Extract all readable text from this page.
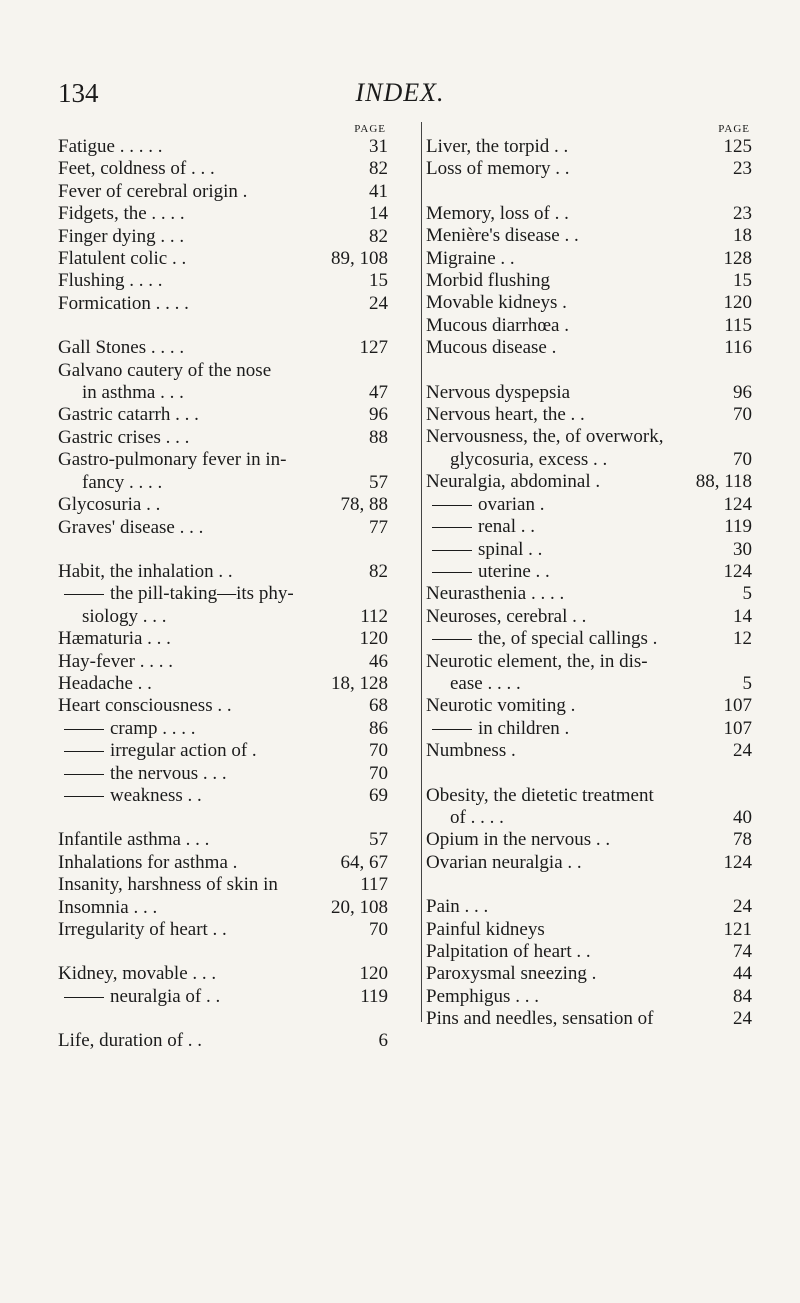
134	INDEX.
PAGE
Fatigue . . . . .	31
Feet, coldness of . . .	82
Fever of cerebral origin .	41
Fidgets, the . . . .	14
Finger dying . . .	82
Flatulent colic . .	89, 108
Flushing . . . .	15
Formication . . . .	24
Gall Stones . . . .	127
Galvano cautery of the nose
in asthma . . .	47
Gastric catarrh . . .	96
Gastric crises . . .	88
Gastro-pulmonary fever in in-
fancy . . . .	57
Glycosuria . .	78, 88
Graves' disease . . .	77
Habit, the inhalation . .	82
the pill-taking—its phy-
siology . . .	112
Hæmaturia . . .	120
Hay-fever . . . .	46
Headache . .	18, 128
Heart consciousness . .	68
cramp . . . .	86
irregular action of .	70
the nervous . . .	70
weakness . .	69
Infantile asthma . . .	57
Inhalations for asthma .	64, 67
Insanity, harshness of skin in	117
Insomnia . . .	20, 108
Irregularity of heart . .	70
Kidney, movable . . .	120
neuralgia of . .	119
Life, duration of . .	6
PAGE
Liver, the torpid . .	125
Loss of memory . .	23
Memory, loss of . .	23
Menière's disease . .	18
Migraine . .	128
Morbid flushing	15
Movable kidneys .	120
Mucous diarrhœa .	115
Mucous disease .	116
Nervous dyspepsia	96
Nervous heart, the . .	70
Nervousness, the, of overwork,
glycosuria, excess . .	70
Neuralgia, abdominal .	88, 118
ovarian .	124
renal . .	119
spinal . .	30
uterine . .	124
Neurasthenia . . . .	5
Neuroses, cerebral . .	14
the, of special callings .	12
Neurotic element, the, in dis-
ease . . . .	5
Neurotic vomiting .	107
in children .	107
Numbness .	24
Obesity, the dietetic treatment
of . . . .	40
Opium in the nervous . .	78
Ovarian neuralgia . .	124
Pain . . .	24
Painful kidneys	121
Palpitation of heart . .	74
Paroxysmal sneezing .	44
Pemphigus . . .	84
Pins and needles, sensation of	24
